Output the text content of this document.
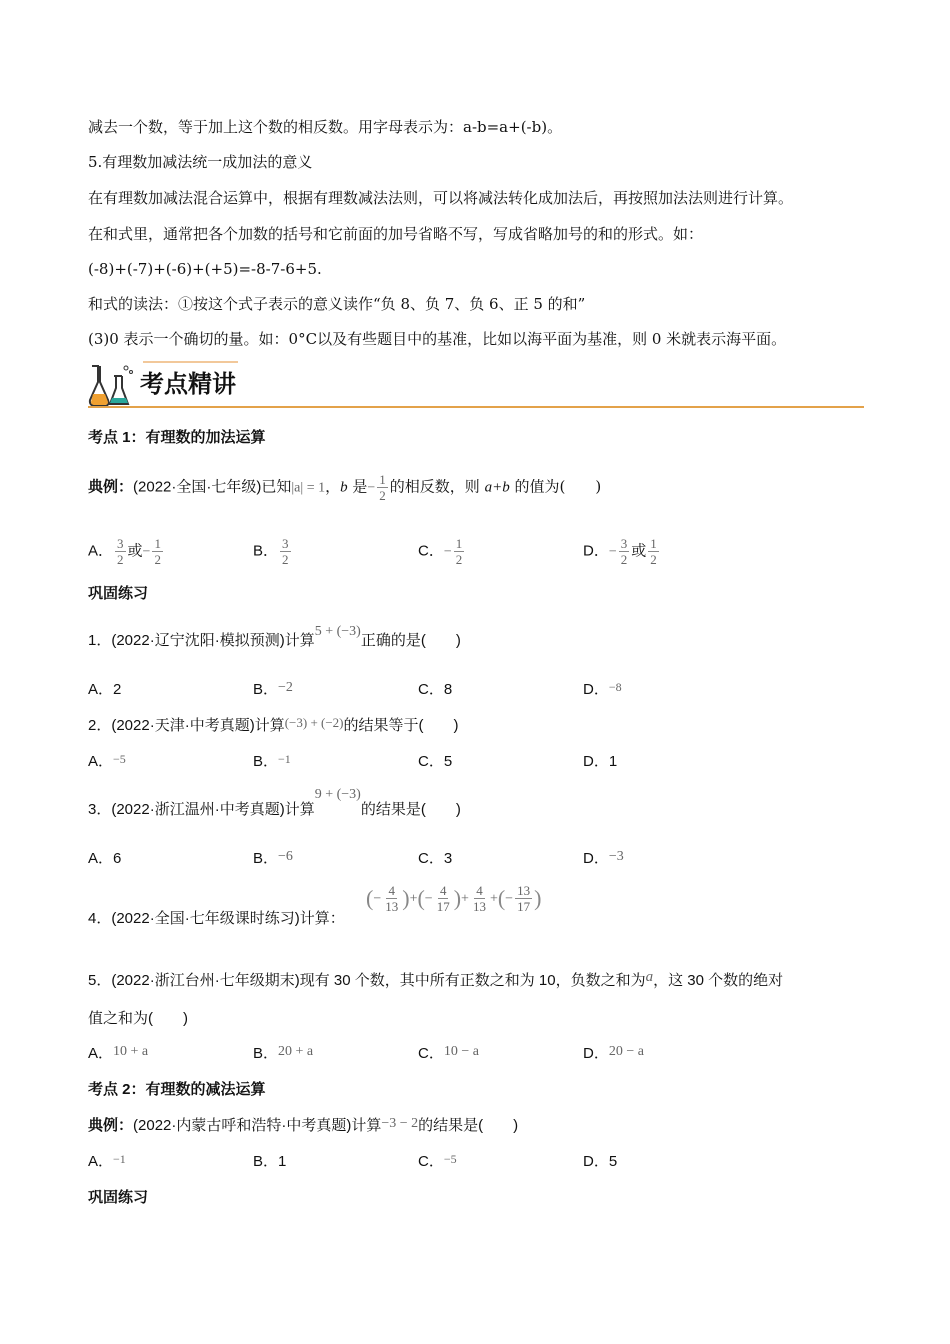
减去一个数，等于加上这个数的相反数。用字母表示为：a-b=a+(-b)。
5.有理数加减法统一成加法的意义
在有理数加减法混合运算中，根据有理数减法法则，可以将减法转化成加法后，再按照加法法则进行计算。
在和式里，通常把各个加数的括号和它前面的加号省略不写，写成省略加号的和的形式。如：
(-8)+(-7)+(-6)+(+5)=-8-7-6+5.
和式的读法：①按这个式子表示的意义读作“负 8、负 7、负 6、正 5 的和”
(3)0 表示一个确切的量。如：0°C以及有些题目中的基准，比如以海平面为基准，则 0 米就表示海平面。
考点精讲
考点 1：有理数的加法运算
典例：(2022·全国·七年级)已知|a| = 1，b 是− $\frac{1}{2}$ 的相反数，则 a+b 的值为(　　)
A． $\frac{3}{2}$ 或− $\frac{1}{2}$	B． $\frac{3}{2}$	C．− $\frac{1}{2}$	D．− $\frac{3}{2}$ 或 $\frac{1}{2}$
巩固练习
1．(2022·辽宁沈阳·模拟预测)计算5 + (−3)正确的是(　　)
A．2	B．−2	C．8	D．$^{-8}$
2．(2022·天津·中考真题)计算(−3) + (−2)的结果等于(　　)
A．$^{-5}$	B．$^{-1}$	C．5	D．1
3．(2022·浙江温州·中考真题)计算9 + (−3)的结果是(　　)
A．6	B．−6	C．3	D．−3
4．(2022·全国·七年级课时练习)计算：
(− $\frac{4}{13}$ )+(− $\frac{4}{17}$ )+ $\frac{4}{13}$ +(− $\frac{13}{17}$ )
5．(2022·浙江台州·七年级期末)现有 30 个数，其中所有正数之和为 10，负数之和为a，这 30 个数的绝对
值之和为(　　)
A．10 + a	B．20 + a	C．10 − a	D．20 − a
考点 2：有理数的减法运算
典例：(2022·内蒙古呼和浩特·中考真题)计算−3 − 2的结果是(　　)
A．$^{-1}$	B．1	C．$^{-5}$	D．5
巩固练习
